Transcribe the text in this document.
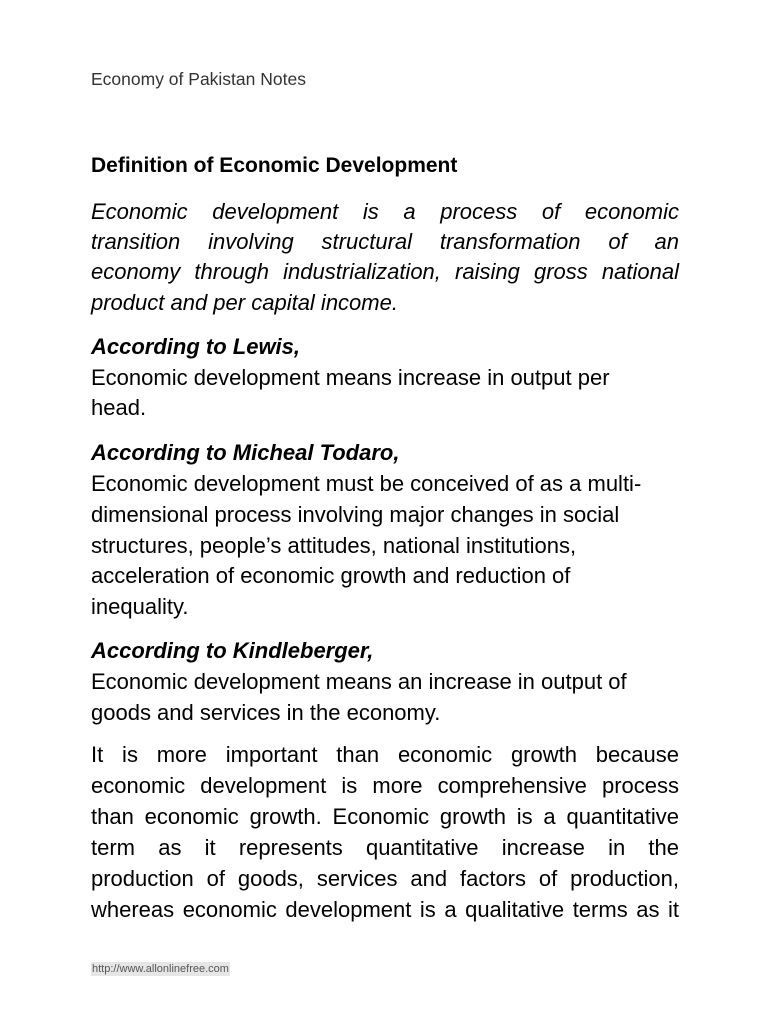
Economy of Pakistan Notes
Definition of Economic Development
Economic development is a process of economic
transition involving structural transformation of an
economy through industrialization, raising gross national
product and per capital income.
According to Lewis,
Economic development means increase in output per
head.
According to Micheal Todaro,
Economic development must be conceived of as a multi-
dimensional process involving major changes in social
structures, people’s attitudes, national institutions,
acceleration of economic growth and reduction of
inequality.
According to Kindleberger,
Economic development means an increase in output of
goods and services in the economy.
It is more important than economic growth because
economic development is more comprehensive process
than economic growth. Economic growth is a quantitative
term as it represents quantitative increase in the
production of goods, services and factors of production,
whereas economic development is a qualitative terms as it
http://www.allonlinefree.com
